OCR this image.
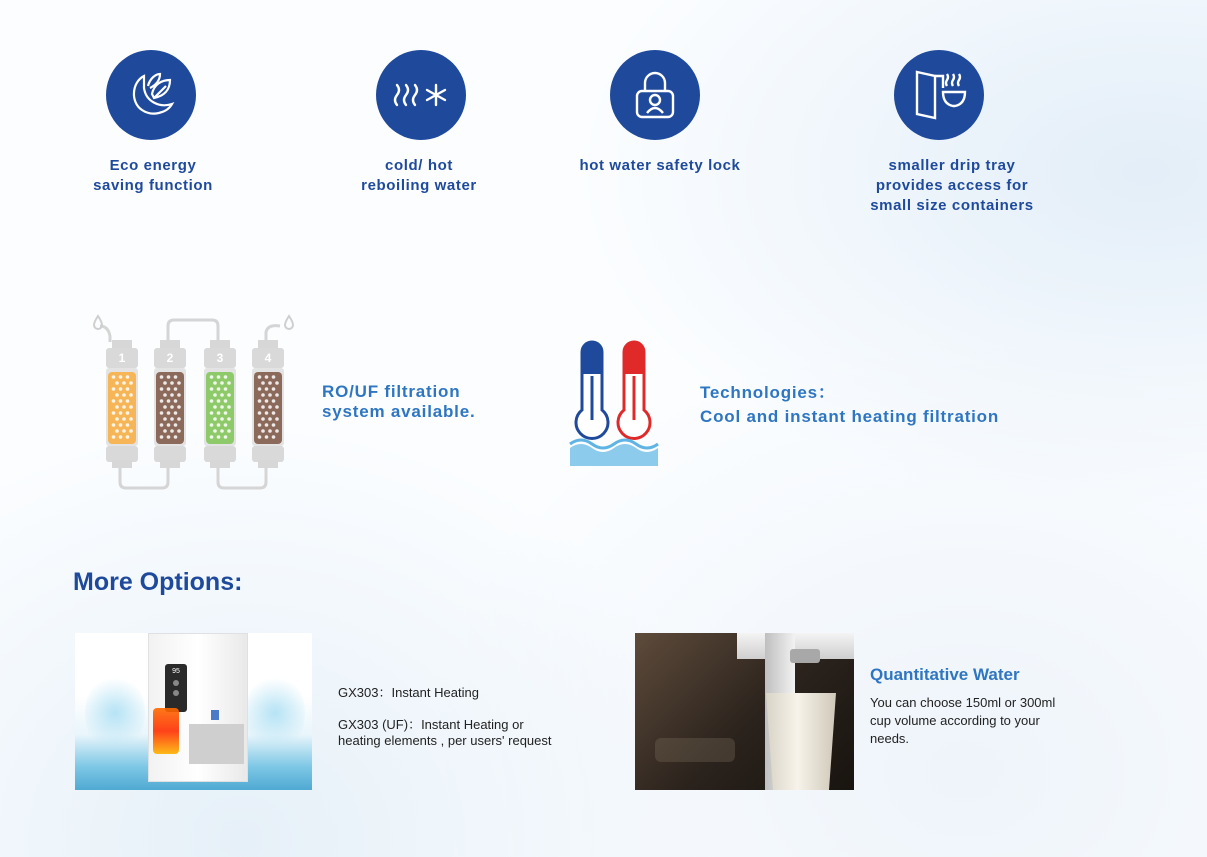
Eco energy
saving function
cold/ hot
reboiling water
hot water safety lock	smaller drip tray
provides access for
small size containers
1	2	3	4
RO/UF filtration
system available.
Technologies：
Cool and instant heating filtration
More Options:
95
GX303：Instant Heating
GX303 (UF)：Instant Heating or
heating elements , per users' request
Quantitative Water
You can choose 150ml or 300ml
cup volume according to your
needs.
